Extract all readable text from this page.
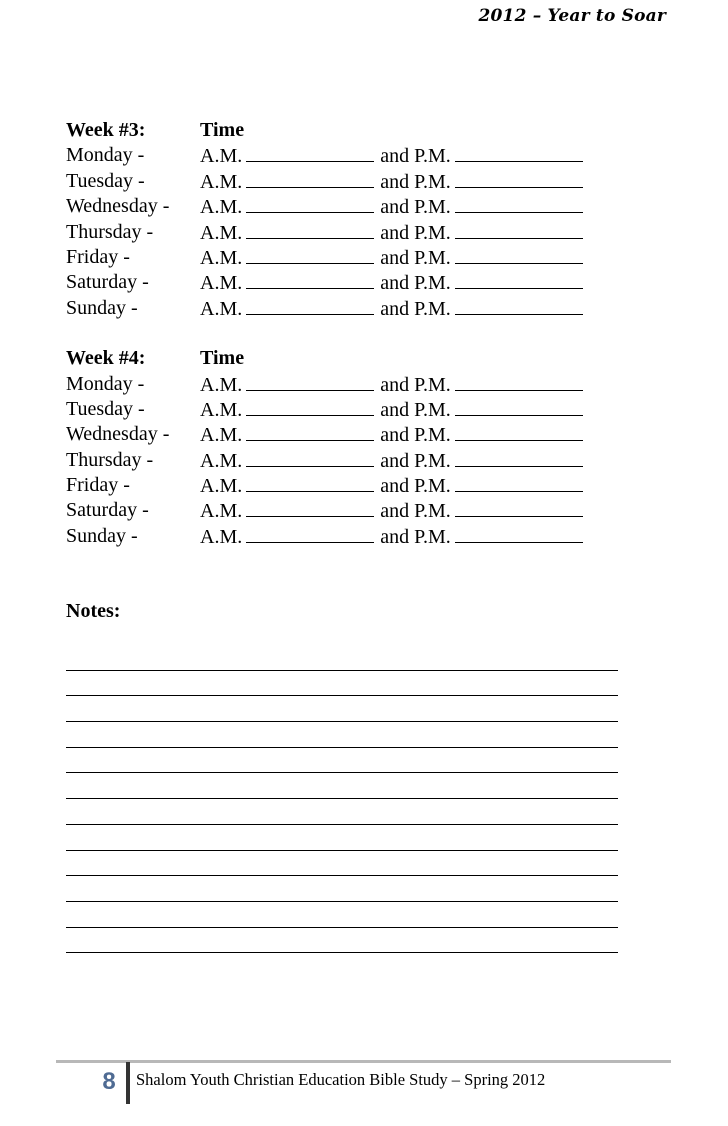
2012 – Year to Soar
Week #3:	Time
Monday -	A.M.	and P.M.
Tuesday -	A.M.	and P.M.
Wednesday - A.M.	and P.M.
Thursday - A.M.	and P.M.
Friday -	A.M.	and P.M.
Saturday -	A.M.	and P.M.
Sunday -	A.M.	and P.M.
Week #4:	Time
Monday -	A.M.	and P.M.
Tuesday -	A.M.	and P.M.
Wednesday - A.M.	and P.M.
Thursday - A.M.	and P.M.
Friday -	A.M.	and P.M.
Saturday -	A.M.	and P.M.
Sunday -	A.M.	and P.M.
Notes:
8	Shalom Youth Christian Education Bible Study – Spring 2012
